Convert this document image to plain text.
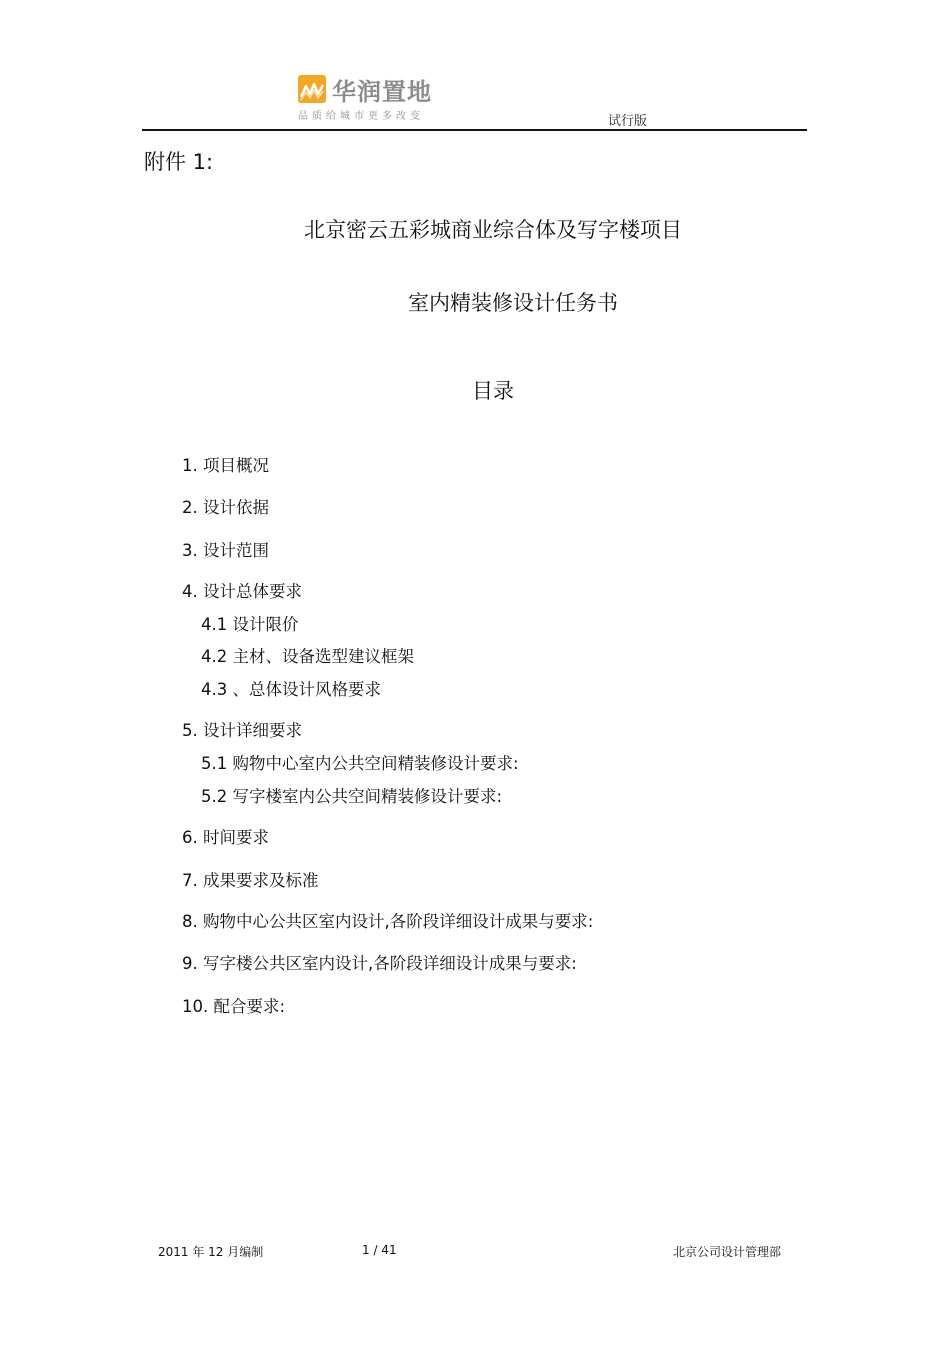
华润置地
品质给城市更多改变	试行版
附件 1:
北京密云五彩城商业综合体及写字楼项目
室内精装修设计任务书
目录
1. 项目概况
2. 设计依据
3. 设计范围
4. 设计总体要求
4.1 设计限价
4.2 主材、设备选型建议框架
4.3 、总体设计风格要求
5. 设计详细要求
5.1 购物中心室内公共空间精装修设计要求:
5.2 写字楼室内公共空间精装修设计要求:
6. 时间要求
7. 成果要求及标准
8. 购物中心公共区室内设计,各阶段详细设计成果与要求:
9. 写字楼公共区室内设计,各阶段详细设计成果与要求:
10. 配合要求:
2011 年 12 月编制	1 / 41	北京公司设计管理部
